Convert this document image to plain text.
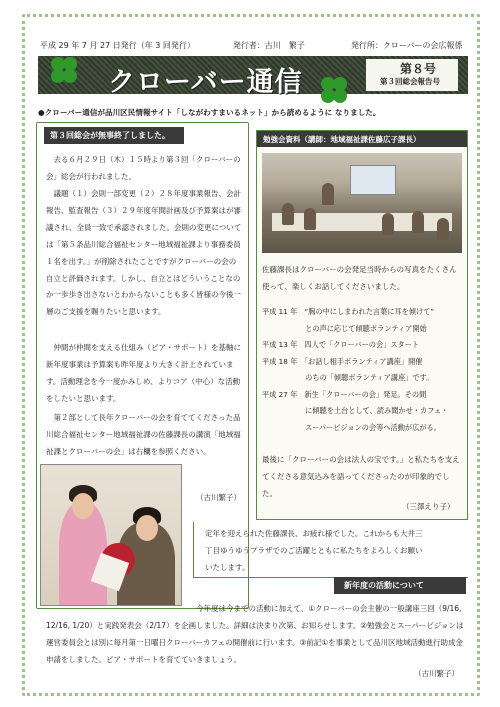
平成 29 年 7 月 27 日発行（年 3 回発行）	発行者：古川　繁子	発行所：クローバーの会広報係
クローバー通信	第８号
第３回総会報告号
●クローバー通信が品川区民情報サイト「しながわすまいるネット」から読めるように なりました。
第３回総会が無事終了しました。
　去る６月２９日（木）１５時より第３回「クローバーの会」総会が行われました。
　議題（１）会則一部変更（２）２８年度事業報告、会計報告、監査報告（３）２９年度年間計画及び予算案はが審議され、全員一致で承認されました。会則の変更については「第５条品川総合福祉センター地域福祉課より事務委員１名を出す。」が削除されたことですがクローバーの会の自立と評価されます。しかし、自立とはどういうことなのか一歩歩き出さないとわからないことも多く皆様の今後一層のご支援を賜りたいと思います。
　仲間が仲間を支える仕組み（ピア・サポート）を基軸に新年度事業は予算案も昨年度より大きく計上されています。活動理念を今一度かみしめ、よりコア（中心）な活動をしたいと思います。
　第２部として長年クローバーの会を育ててくださった品川総合福祉センター地域福祉課の佐藤課長の講演「地域福祉課とクローバーの会」は右欄を参照ください。
（古川繁子）
勉強会資料（講師：地域福祉課佐藤広子課長）
佐藤課長はクローバーの会発足当時からの写真をたくさん使って、楽しくお話してくださいました。
平成 11 年　“胸の中にしまわれた言葉に耳を傾けて”
　　　　　　との声に応じて傾聴ボランティア開始
平成 13 年　四人で「クローバーの会」スタート
平成 18 年　「お話し相手ボランティア講座」開催
　　　　　　のちの「傾聴ボランティア講座」です。
平成 27 年　新生「クローバーの会」発足。その間
　　　　　　に傾聴を土台として、読み聞かせ・カフェ・
　　　　　　スーパービジョンの会等へ活動が広がる。
最後に「クローバーの会は法人の宝です。」と私たちを支えてくださる意気込みを語ってくださったのが印象的でした。
（三澤えり子）
定年を迎えられた佐藤課長、お疲れ様でした。これからも大井三丁目ゆうゆうプラザでのご活躍とともに私たちをよろしくお願いいたします。
新年度の活動について
今年度は今までの活動に加えて、①クローバーの会主催の一般講座三回（9/16, 12/16, 1/20）と実践発表会（2/17）を企画しました。詳細は決まり次第、お知らせします。②勉強会とスーパービジョンは運営委員会とは別に毎月第一日曜日クローバーカフェの開催前に行います。③前記①を事業として品川区地域活動進行助成金申請をしました。ピア・サポートを育てていきましょう。
（古川繁子）
